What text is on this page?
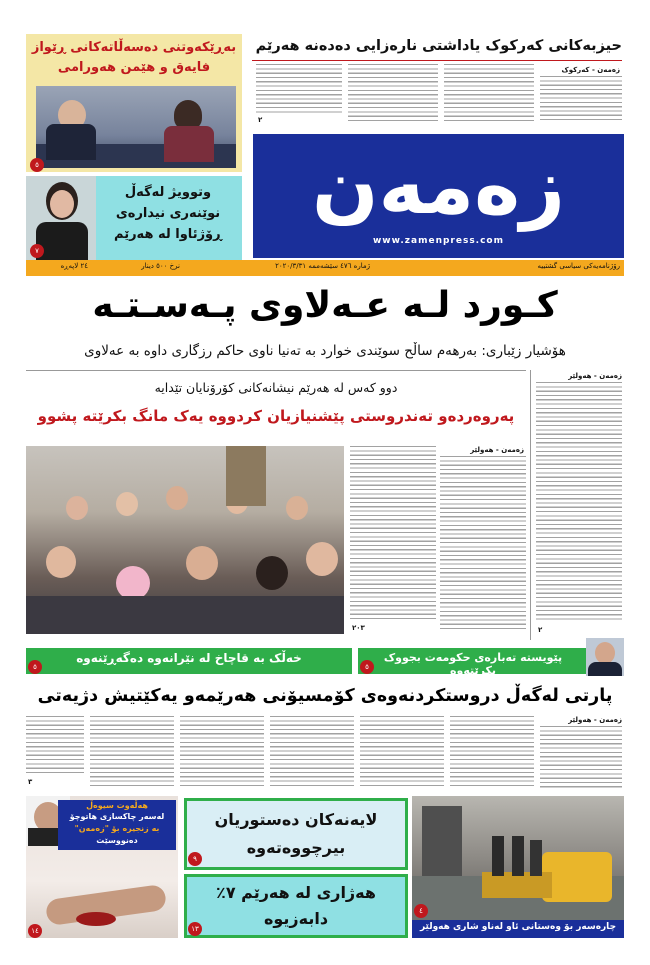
بەڕێکەوتنی دەسەڵاتەکانی ڕێواز فایەق و هێمن هەورامی
٥
وتوویژ لەگەڵ نوێنەری نیدارەی ڕۆژئاوا لە هەرێم
٧
حیزبەکانی کەرکوک یاداشتی نارەزایی دەدەنە هەرێم
زەمەن - کەرکوک
٢
زەمەن
www.zamenpress.com
رۆژنامەیەکی سیاسی گشتییە
ژمارە ٤٧٦ سێشەممە ٢٠٢٠/٣/٣١
نرخ ٥٠٠ دینار
٢٤ لاپەڕە
کـورد لـه عـەلاوی پـەسـتـه
هۆشیار زێباری: بەرهەم ساڵح سوێندی خوارد بە تەنیا ناوی حاکم رزگاری داوە بە عەلاوی
زەمەن - هەولێر
٢
دوو کەس لە هەرێم نیشانەکانی کۆرۆنایان تێدایە
پەروەردەو تەندروستی پێشنیازیان کردووە یەک مانگ بکرێتە پشوو
زەمەن - هەولێر
٢٠٣
خەڵک بە قاچاخ لە نێرانەوە دەگەڕێنەوە
٥
پێویستە تەبارەی حکومەت بجووک بکرێتەوە
٥
پارتی لەگەڵ دروستکردنەوەی کۆمسیۆنی هەرێمەو یەکێتیش دژیەتی
زەمەن - هەولێر
٣
هەڵەوت سیوەڵ
لەسەر چاکسازی هاتوچۆ
بە زنجیرە بۆ "زەمەن"
دەنووسێت
١٤
لایەنەکان دەستوریان بیرچووەتەوە
٩
هەژاری لە هەرێم ٧٪ دابەزیوە
١٣	چارەسەر بۆ وەستانی ئاو لەناو شاری هەولێر
٤
